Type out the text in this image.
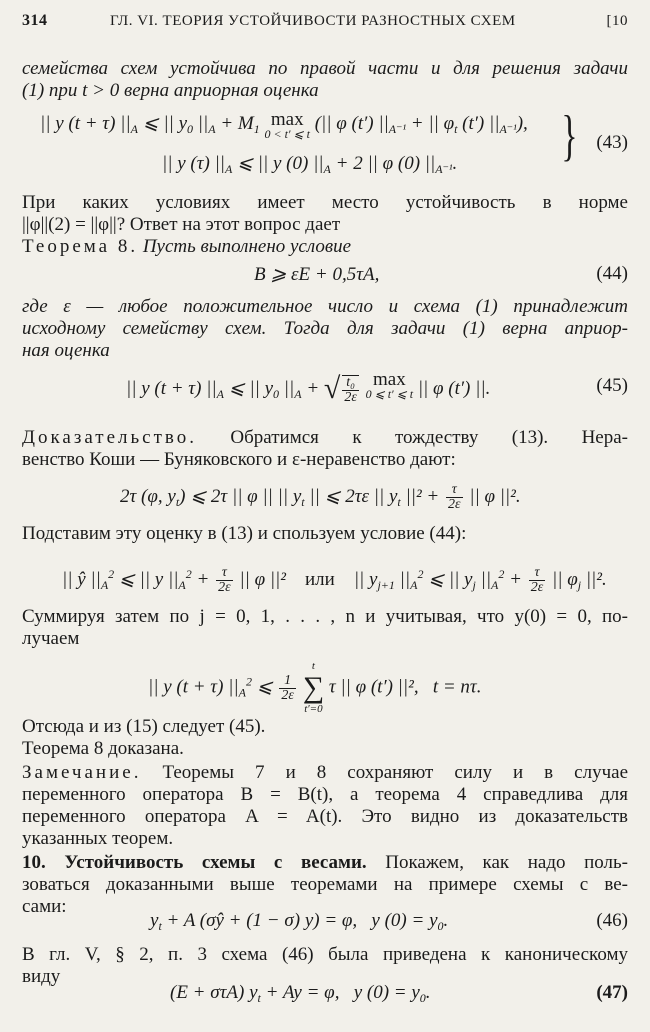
314	ГЛ. VI. ТЕОРИЯ УСТОЙЧИВОСТИ РАЗНОСТНЫХ СХЕМ	[10
семейства схем устойчива по правой части и для решения задачи
(1) при t > 0 верна априорная оценка
|| y (t + τ) $||_A$ ⩽ || $y_0$ $||_A + M_1$ max
0 < t′ ⩽ t (|| φ (t′) $||_{A^{-1}}$ + || $\varphi_t$ (t′) $||_{A^{-1}}$),
|| y (τ) $||_A$ ⩽ || y (0) $||_A + 2$ || φ (0) $||_{A^{-1}}$. } (43)
При каких условиях имеет место устойчивость в норме
||φ||(2) = ||φ||? Ответ на этот вопрос дает
Теорема 8. Пусть выполнено условие
B ⩾ εE + 0,5τA,	(44)
где ε — любое положительное число и схема (1) принадлежит
исходному семейству схем. Тогда для задачи (1) верна априор-
ная оценка
|| y (t + τ) $||_A$ ⩽ || $y_0$ $||_A$ + √ $\frac{\text{t₀}}{2\varepsilon}$
max
0 ⩽ t′ ⩽ t || φ (t′) ||.	(45)
Доказательство. Обратимся к тождеству (13). Нера-
венство Коши — Буняковского и ε-неравенство дают:
2τ (φ, $y_t$) ⩽ 2τ || φ || || $y_t$ || ⩽ 2τε || $y_t$ $||^2 + \frac{\tau}{2\varepsilon}$ || φ ||².
Подставим эту оценку в (13) и спользуем условие (44):
|| ŷ $||_A^2$ ⩽ || y $||_A^2 + \frac{\tau}{2\varepsilon}$ || φ ||² или || $y_{j+1}$ $||_A^2$ ⩽ || $y_j$ $||_A^2 + \frac{\tau}{2\varepsilon}$ || $\varphi_j$ ||².
Суммируя затем по j = 0, 1, . . . , n и учитывая, что y(0) = 0, по-
лучаем
|| y (t + τ) $||_A^2$ ⩽ $\frac{1}{2\varepsilon}$

t
∑
t′=0
τ || φ (t′) ||², t = nτ.
Отсюда и из (15) следует (45).
Теорема 8 доказана.
Замечание. Теоремы 7 и 8 сохраняют силу и в случае
переменного оператора B = B(t), а теорема 4 справедлива для
переменного оператора A = A(t). Это видно из доказательств
указанных теорем.
10. Устойчивость схемы с весами. Покажем, как надо поль-
зоваться доказанными выше теоремами на примере схемы с ве-
сами:
$y_t + A$ (σŷ + (1 − σ) y) = φ, y $(0) = y_0$.	(46)
В гл. V, § 2, п. 3 схема (46) была приведена к каноническому
виду
(E + στA) $y_t + Ay = \varphi$, y $(0) = y_0$.	(47)
